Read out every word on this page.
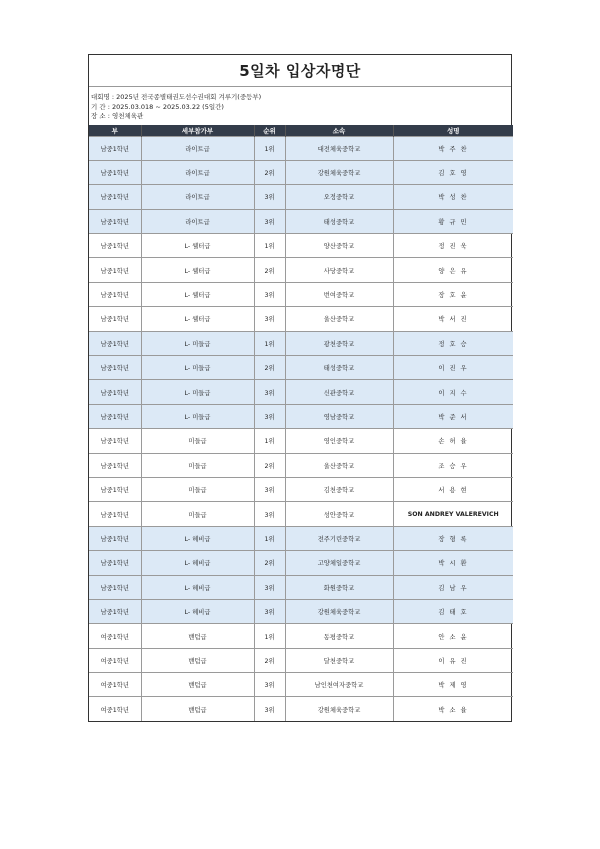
5일차 입상자명단
대회명 : 2025년 전국종별태권도선수권대회 겨루기(중등부)
기 간 : 2025.03.018 ~ 2025.03.22 (5일간)
장 소 : 영천체육관
부	세부참가부	순위	소속	성명
남중1학년	라이트급	1위	대전체육중학교	박 주 찬
남중1학년	라이트급	2위	강원체육중학교	김 호 영
남중1학년	라이트급	3위	오정중학교	박 성 찬
남중1학년	라이트급	3위	태성중학교	황 규 민
남중1학년	L- 웰터급	1위	양산중학교	정 진 욱
남중1학년	L- 웰터급	2위	사당중학교	양 은 유
남중1학년	L- 웰터급	3위	번여중학교	장 호 윤
남중1학년	L- 웰터급	3위	울산중학교	박 서 진
남중1학년	L- 미들급	1위	광천중학교	정 호 승
남중1학년	L- 미들급	2위	태성중학교	이 진 우
남중1학년	L- 미들급	3위	신관중학교	이 지 수
남중1학년	L- 미들급	3위	영남중학교	박 준 서
남중1학년	미들급	1위	영인중학교	손 허 율
남중1학년	미들급	2위	울산중학교	조 승 우
남중1학년	미들급	3위	김천중학교	서 용 현
남중1학년	미들급	3위	성안중학교	SON ANDREY VALEREVICH
남중1학년	L- 헤비급	1위	전주기린중학교	장 형 록
남중1학년	L- 헤비급	2위	고양체일중학교	박 시 환
남중1학년	L- 헤비급	3위	화원중학교	김 남 우
남중1학년	L- 헤비급	3위	강원체육중학교	김 태 호
여중1학년	밴텀급	1위	동평중학교	안 소 윤
여중1학년	밴텀급	2위	달천중학교	이 유 진
여중1학년	밴텀급	3위	남인천여자중학교	박 제 영
여중1학년	밴텀급	3위	강원체육중학교	박 소 율
